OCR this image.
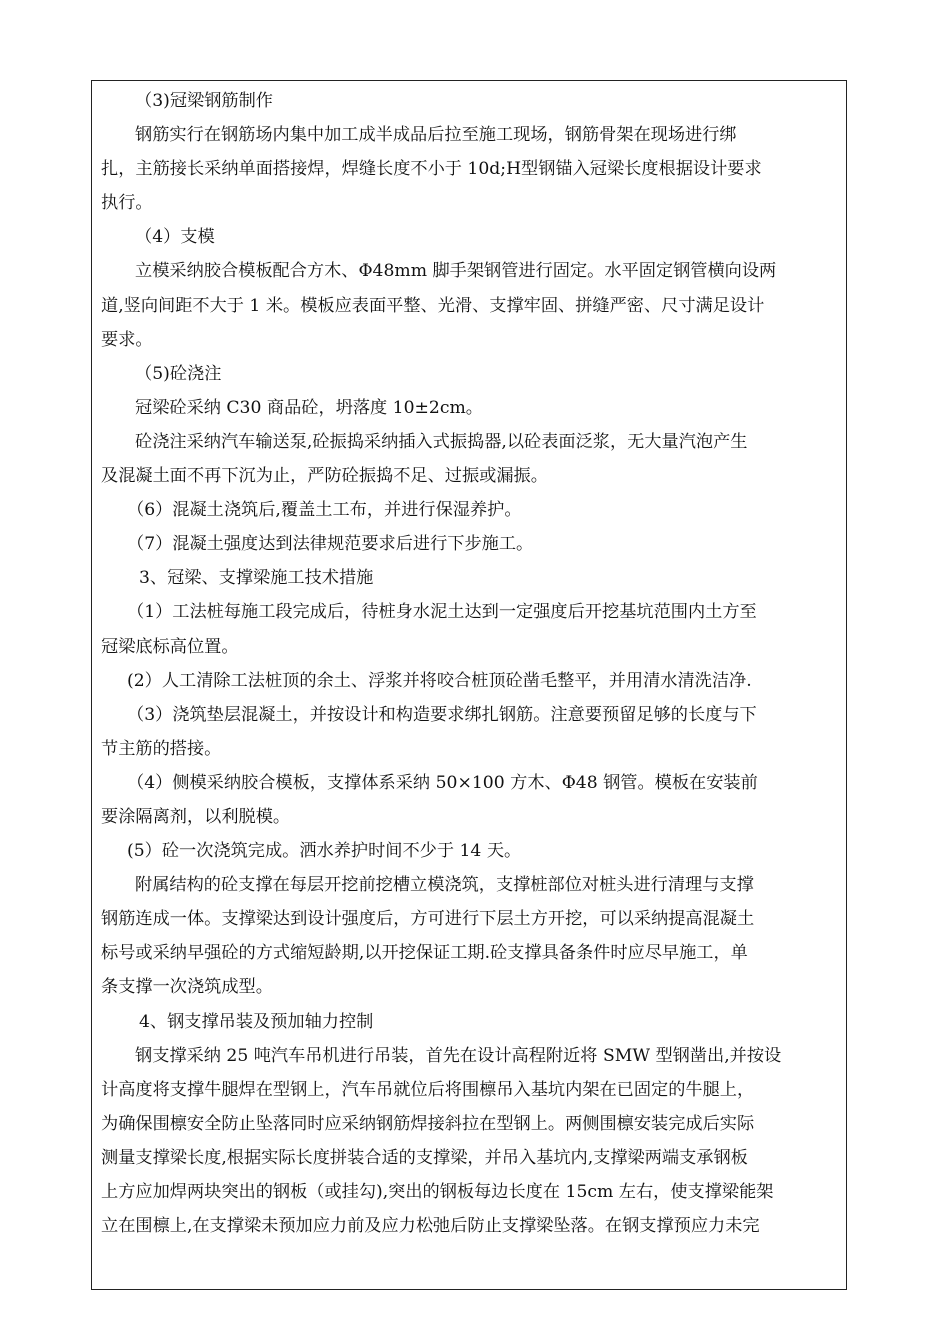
（3)冠梁钢筋制作
钢筋实行在钢筋场内集中加工成半成品后拉至施工现场，钢筋骨架在现场进行绑
扎，主筋接长采纳单面搭接焊，焊缝长度不小于 10d;H型钢锚入冠梁长度根据设计要求
执行。
（4）支模
立模采纳胶合模板配合方木、Φ48mm 脚手架钢管进行固定。水平固定钢管横向设两
道,竖向间距不大于 1 米。模板应表面平整、光滑、支撑牢固、拼缝严密、尺寸满足设计
要求。
（5)砼浇注
冠梁砼采纳 C30 商品砼，坍落度 10±2cm。
砼浇注采纳汽车输送泵,砼振捣采纳插入式振捣器,以砼表面泛浆，无大量汽泡产生
及混凝土面不再下沉为止，严防砼振捣不足、过振或漏振。
（6）混凝土浇筑后,覆盖土工布，并进行保湿养护。
（7）混凝土强度达到法律规范要求后进行下步施工。
3、冠梁、支撑梁施工技术措施
（1）工法桩每施工段完成后，待桩身水泥土达到一定强度后开挖基坑范围内土方至
冠梁底标高位置。
(2）人工清除工法桩顶的余土、浮浆并将咬合桩顶砼凿毛整平，并用清水清洗洁净.
（3）浇筑垫层混凝土，并按设计和构造要求绑扎钢筋。注意要预留足够的长度与下
节主筋的搭接。
（4）侧模采纳胶合模板，支撑体系采纳 50×100 方木、Φ48 钢管。模板在安装前
要涂隔离剂，以利脱模。
(5）砼一次浇筑完成。洒水养护时间不少于 14 天。
附属结构的砼支撑在每层开挖前挖槽立模浇筑，支撑桩部位对桩头进行清理与支撑
钢筋连成一体。支撑梁达到设计强度后，方可进行下层土方开挖，可以采纳提高混凝土
标号或采纳早强砼的方式缩短龄期,以开挖保证工期.砼支撑具备条件时应尽早施工，单
条支撑一次浇筑成型。
4、钢支撑吊装及预加轴力控制
钢支撑采纳 25 吨汽车吊机进行吊装，首先在设计高程附近将 SMW 型钢凿出,并按设
计高度将支撑牛腿焊在型钢上，汽车吊就位后将围檩吊入基坑内架在已固定的牛腿上，
为确保围檩安全防止坠落同时应采纳钢筋焊接斜拉在型钢上。两侧围檩安装完成后实际
测量支撑梁长度,根据实际长度拼装合适的支撑梁，并吊入基坑内,支撑梁两端支承钢板
上方应加焊两块突出的钢板（或挂勾),突出的钢板每边长度在 15cm 左右，使支撑梁能架
立在围檩上,在支撑梁未预加应力前及应力松弛后防止支撑梁坠落。在钢支撑预应力未完
